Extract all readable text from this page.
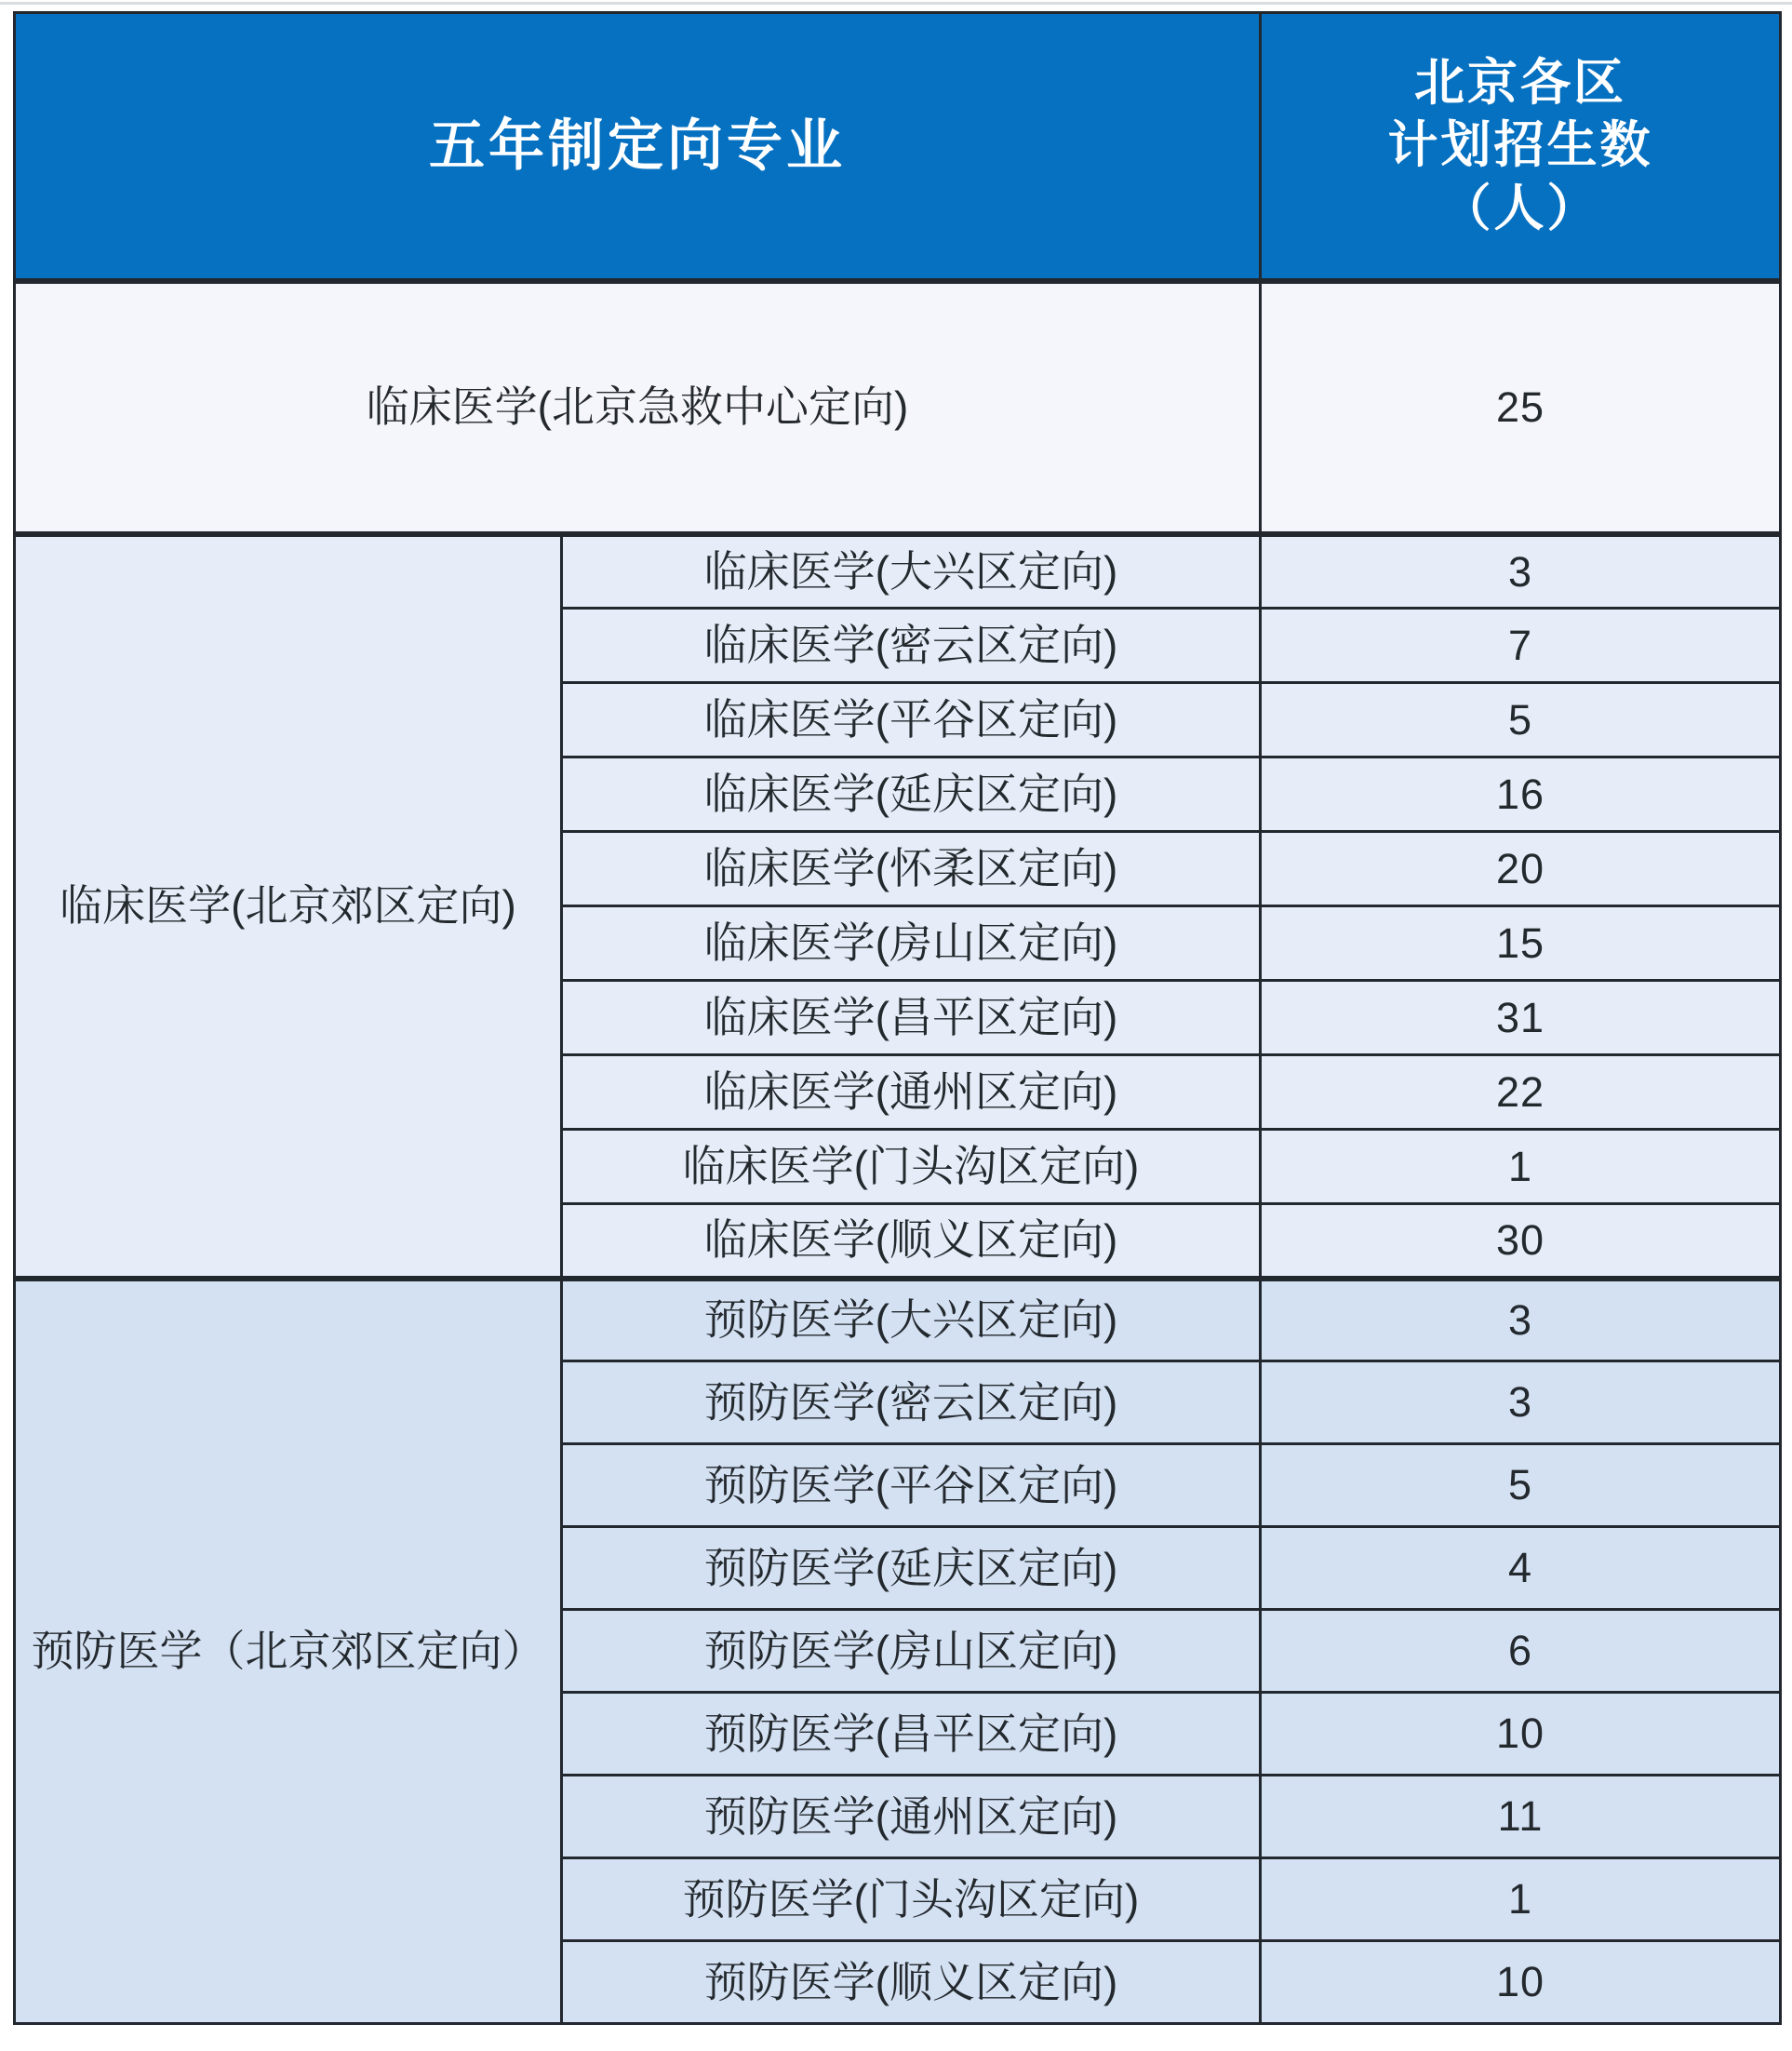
五年制定向专业		北京各区
计划招生数
（人）

临床医学(北京急救中心定向)		25
临床医学(北京郊区定向)	临床医学(大兴区定向)	3
	临床医学(密云区定向)	7
	临床医学(平谷区定向)	5
	临床医学(延庆区定向)	16
	临床医学(怀柔区定向)	20
	临床医学(房山区定向)	15
	临床医学(昌平区定向)	31
	临床医学(通州区定向)	22
	临床医学(门头沟区定向)	1
	临床医学(顺义区定向)	30
预防医学（北京郊区定向）	预防医学(大兴区定向)	3
	预防医学(密云区定向)	3
	预防医学(平谷区定向)	5
	预防医学(延庆区定向)	4
	预防医学(房山区定向)	6
	预防医学(昌平区定向)	10
	预防医学(通州区定向)	11
	预防医学(门头沟区定向)	1
	预防医学(顺义区定向)	10
